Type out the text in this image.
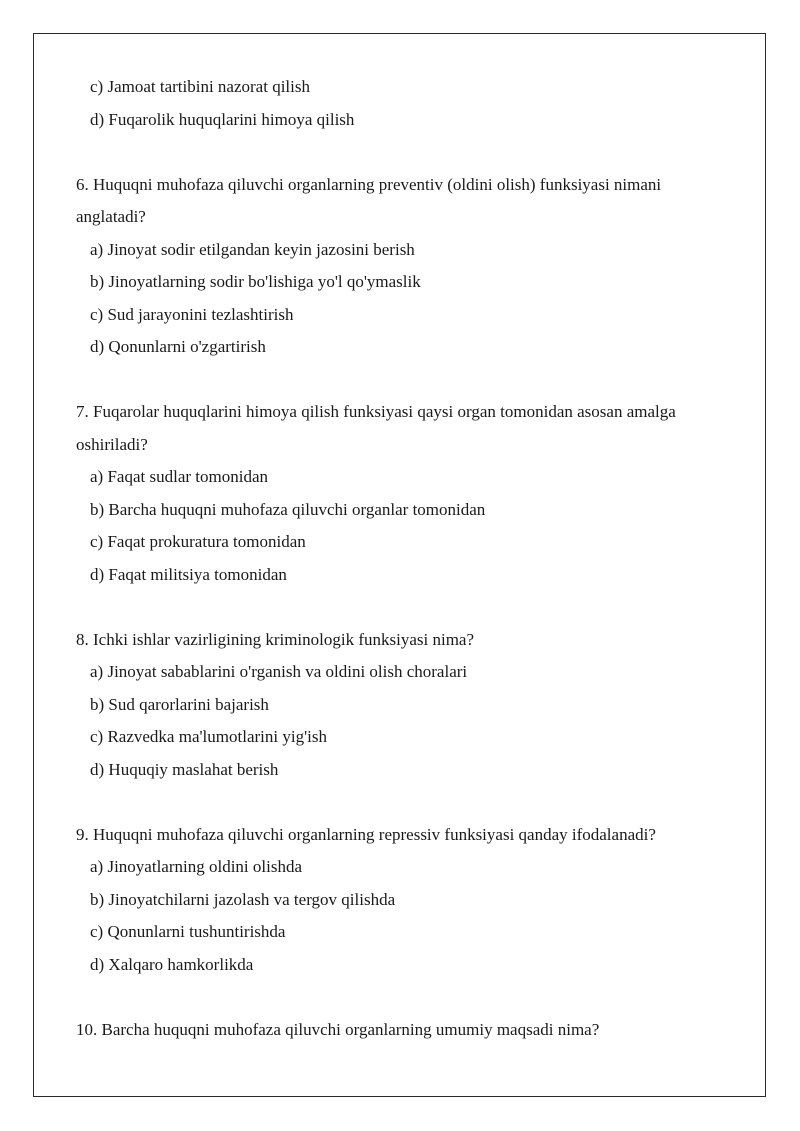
c) Jamoat tartibini nazorat qilish
d) Fuqarolik huquqlarini himoya qilish
6. Huquqni muhofaza qiluvchi organlarning preventiv (oldini olish) funksiyasi nimani
anglatadi?
a) Jinoyat sodir etilgandan keyin jazosini berish
b) Jinoyatlarning sodir bo'lishiga yo'l qo'ymaslik
c) Sud jarayonini tezlashtirish
d) Qonunlarni o'zgartirish
7. Fuqarolar huquqlarini himoya qilish funksiyasi qaysi organ tomonidan asosan amalga
oshiriladi?
a) Faqat sudlar tomonidan
b) Barcha huquqni muhofaza qiluvchi organlar tomonidan
c) Faqat prokuratura tomonidan
d) Faqat militsiya tomonidan
8. Ichki ishlar vazirligining kriminologik funksiyasi nima?
a) Jinoyat sabablarini o'rganish va oldini olish choralari
b) Sud qarorlarini bajarish
c) Razvedka ma'lumotlarini yig'ish
d) Huquqiy maslahat berish
9. Huquqni muhofaza qiluvchi organlarning repressiv funksiyasi qanday ifodalanadi?
a) Jinoyatlarning oldini olishda
b) Jinoyatchilarni jazolash va tergov qilishda
c) Qonunlarni tushuntirishda
d) Xalqaro hamkorlikda
10. Barcha huquqni muhofaza qiluvchi organlarning umumiy maqsadi nima?
